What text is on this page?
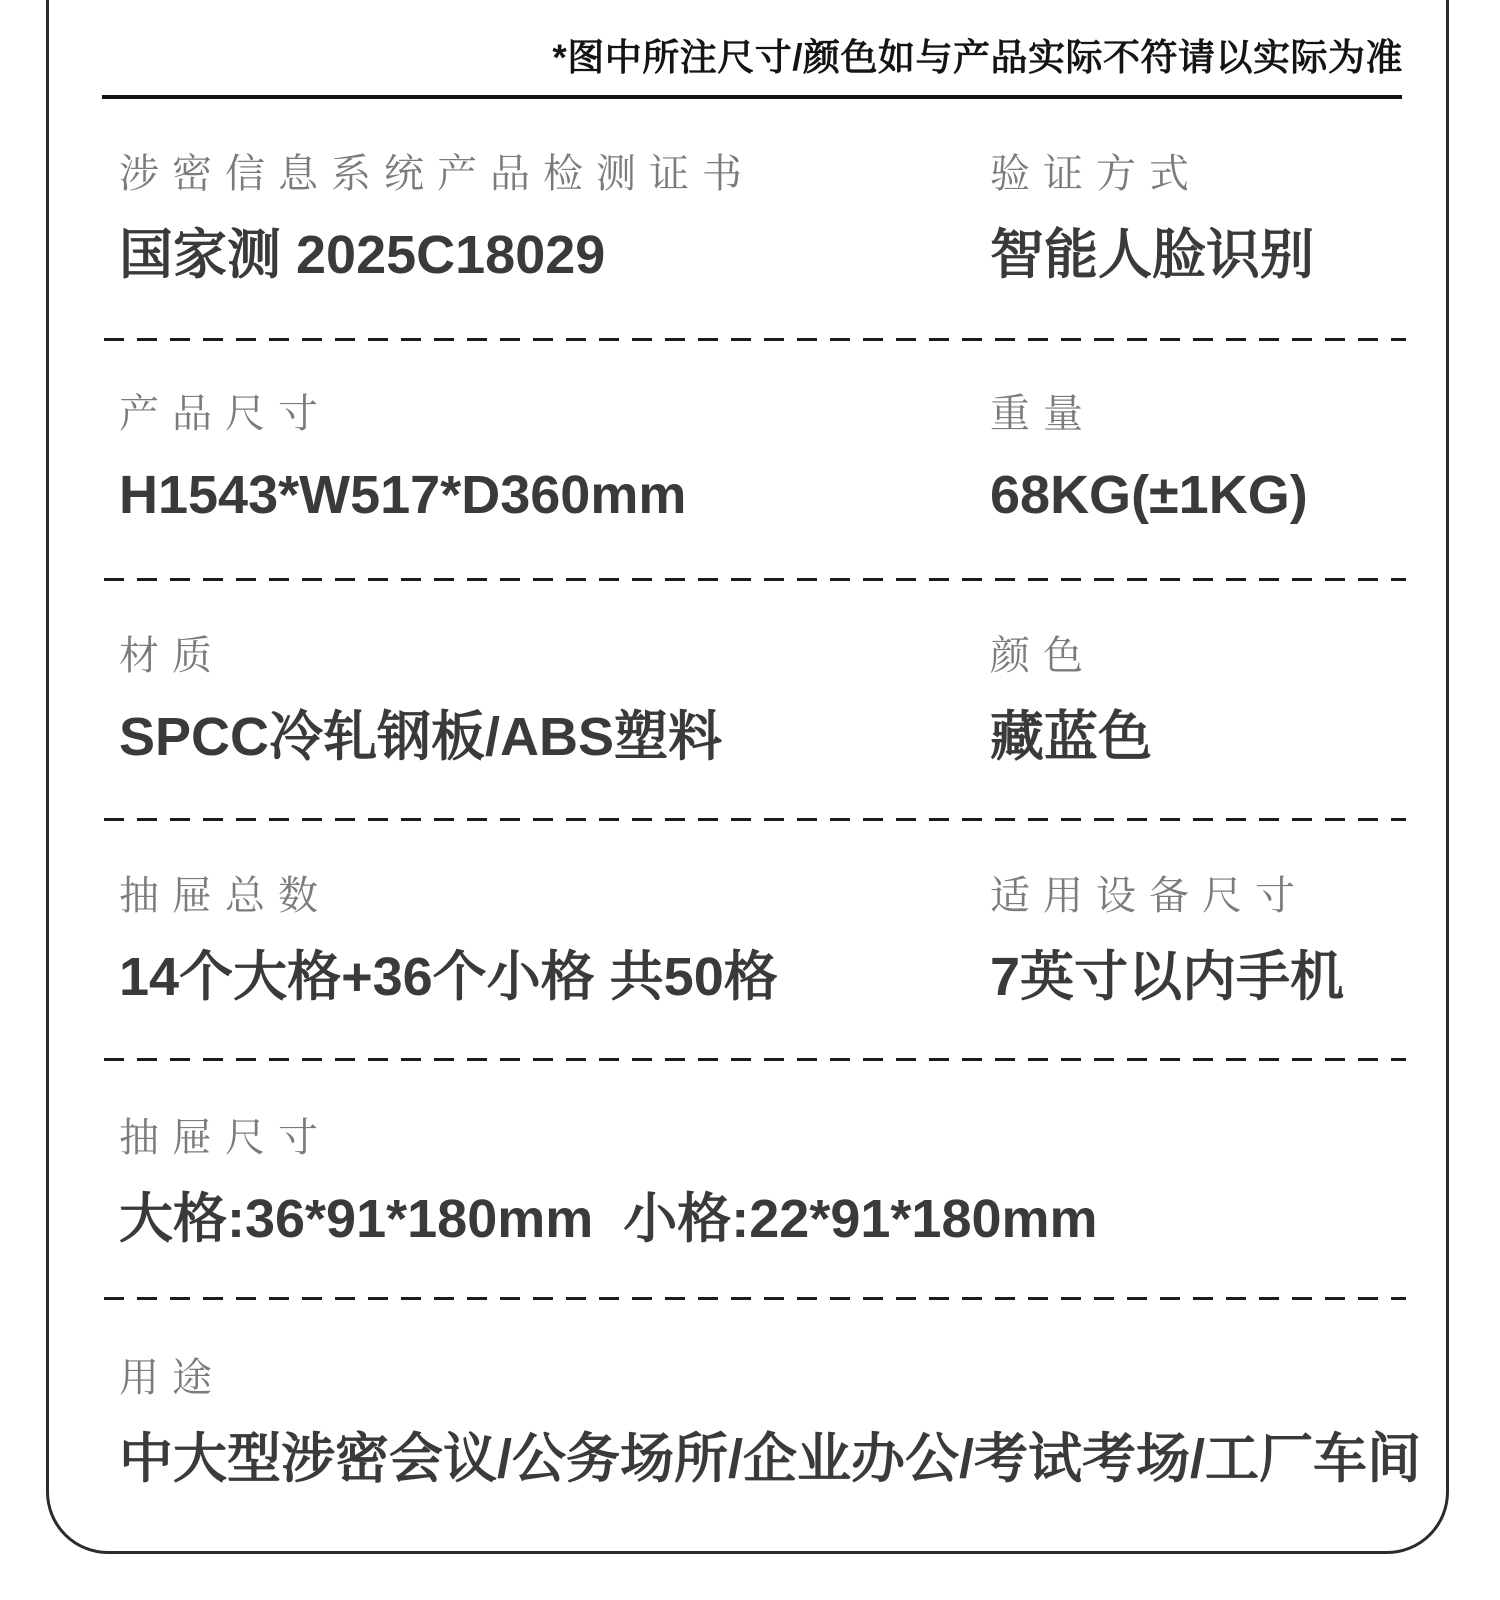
*图中所注尺寸/颜色如与产品实际不符请以实际为准
涉密信息系统产品检测证书
国家测 2025C18029
验证方式
智能人脸识别
产品尺寸
H1543*W517*D360mm
重量
68KG(±1KG)
材质
SPCC冷轧钢板/ABS塑料
颜色
藏蓝色
抽屉总数
14个大格+36个小格 共50格
适用设备尺寸
7英寸以内手机
抽屉尺寸
大格:36*91*180mm  小格:22*91*180mm
用途
中大型涉密会议/公务场所/企业办公/考试考场/工厂车间
